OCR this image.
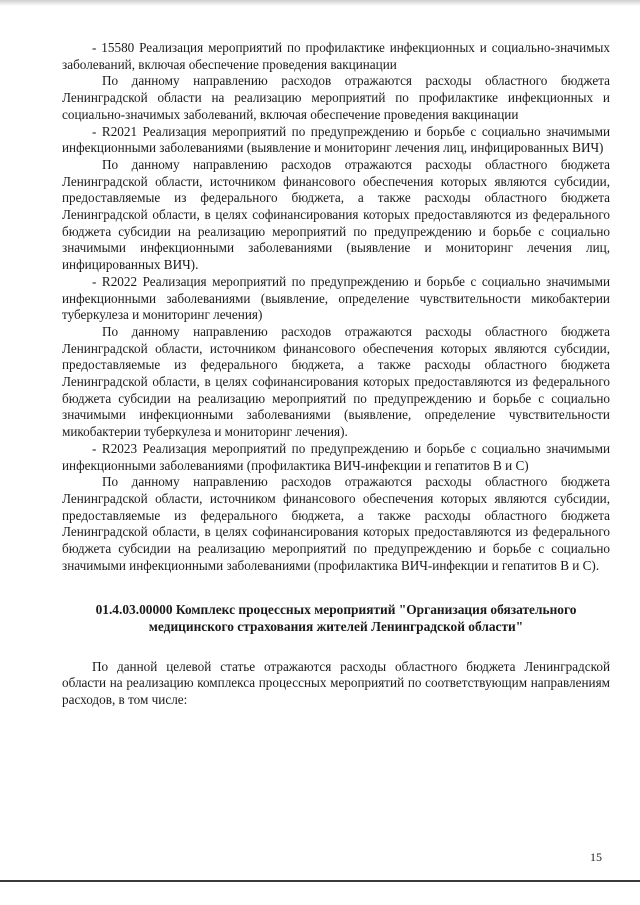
- 15580 Реализация мероприятий по профилактике инфекционных и социально-значимых заболеваний, включая обеспечение проведения вакцинации

По данному направлению расходов отражаются расходы областного бюджета Ленинградской области на реализацию мероприятий по профилактике инфекционных и социально-значимых заболеваний, включая обеспечение проведения вакцинации

- R2021 Реализация мероприятий по предупреждению и борьбе с социально значимыми инфекционными заболеваниями (выявление и мониторинг лечения лиц, инфицированных ВИЧ)

По данному направлению расходов отражаются расходы областного бюджета Ленинградской области, источником финансового обеспечения которых являются субсидии, предоставляемые из федерального бюджета, а также расходы областного бюджета Ленинградской области, в целях софинансирования которых предоставляются из федерального бюджета субсидии на реализацию мероприятий по предупреждению и борьбе с социально значимыми инфекционными заболеваниями (выявление и мониторинг лечения лиц, инфицированных ВИЧ).

- R2022 Реализация мероприятий по предупреждению и борьбе с социально значимыми инфекционными заболеваниями (выявление, определение чувствительности микобактерии туберкулеза и мониторинг лечения)

По данному направлению расходов отражаются расходы областного бюджета Ленинградской области, источником финансового обеспечения которых являются субсидии, предоставляемые из федерального бюджета, а также расходы областного бюджета Ленинградской области, в целях софинансирования которых предоставляются из федерального бюджета субсидии на реализацию мероприятий по предупреждению и борьбе с социально значимыми инфекционными заболеваниями (выявление, определение чувствительности микобактерии туберкулеза и мониторинг лечения).

- R2023 Реализация мероприятий по предупреждению и борьбе с социально значимыми инфекционными заболеваниями (профилактика ВИЧ-инфекции и гепатитов В и С)

По данному направлению расходов отражаются расходы областного бюджета Ленинградской области, источником финансового обеспечения которых являются субсидии, предоставляемые из федерального бюджета, а также расходы областного бюджета Ленинградской области, в целях софинансирования которых предоставляются из федерального бюджета субсидии на реализацию мероприятий по предупреждению и борьбе с социально значимыми инфекционными заболеваниями (профилактика ВИЧ-инфекции и гепатитов В и С).

01.4.03.00000 Комплекс процессных мероприятий "Организация обязательного медицинского страхования жителей Ленинградской области"

По данной целевой статье отражаются расходы областного бюджета Ленинградской области на реализацию комплекса процессных мероприятий по соответствующим направлениям расходов, в том числе:

15
